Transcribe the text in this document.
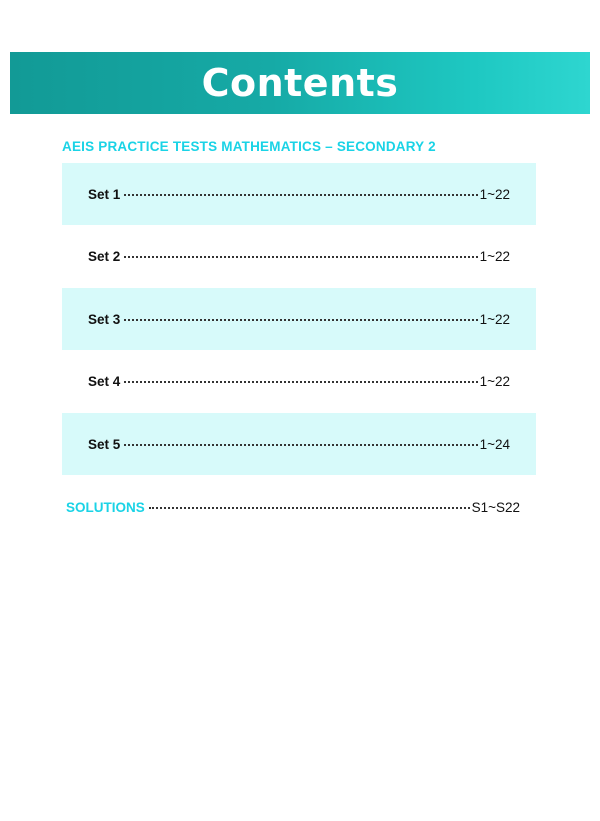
Contents
AEIS PRACTICE TESTS MATHEMATICS – SECONDARY 2
Set 1	1~22
Set 2	1~22
Set 3	1~22
Set 4	1~22
Set 5	1~24
SOLUTIONS	S1~S22
